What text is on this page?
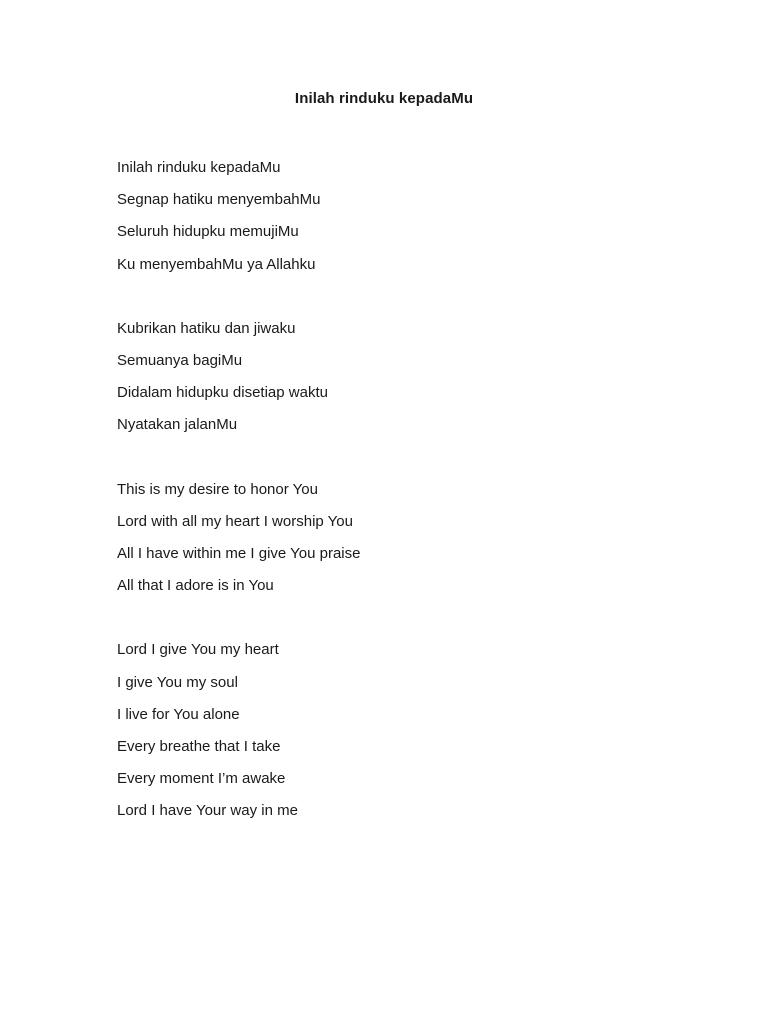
Inilah rinduku kepadaMu
Inilah rinduku kepadaMu
Segnap hatiku menyembahMu
Seluruh hidupku memujiMu
Ku menyembahMu ya Allahku
Kubrikan hatiku dan jiwaku
Semuanya bagiMu
Didalam hidupku disetiap waktu
Nyatakan jalanMu
This is my desire to honor You
Lord with all my heart I worship You
All I have within me I give You praise
All that I adore is in You
Lord I give You my heart
I give You my soul
I live for You alone
Every breathe that I take
Every moment I’m awake
Lord I have Your way in me
